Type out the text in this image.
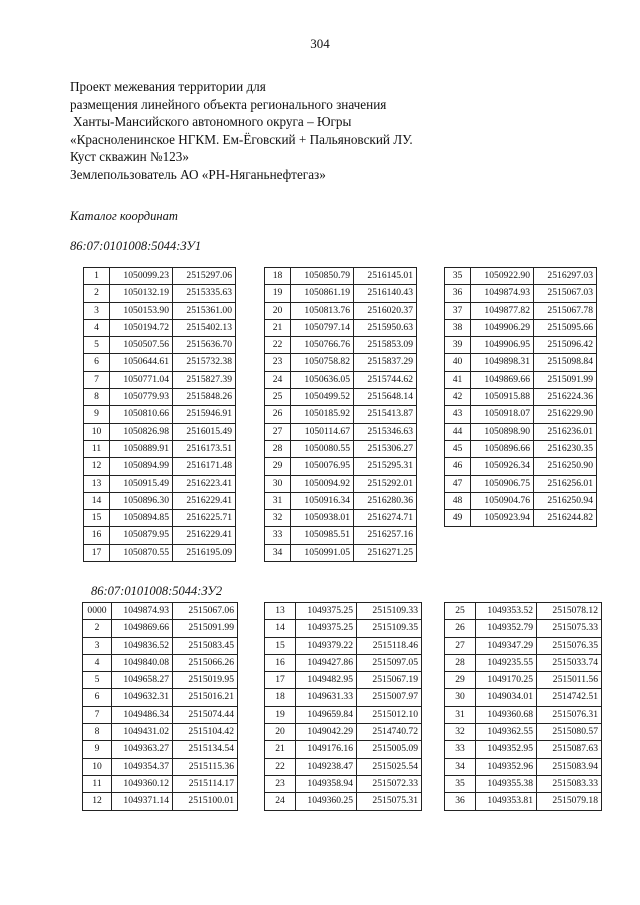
304
Проект межевания территории для
размещения линейного объекта регионального значения
Ханты-Мансийского автономного округа – Югры
«Красноленинское НГКМ. Ем-Ёговский + Пальяновский ЛУ.
Куст скважин №123»
Землепользователь АО «РН-Няганьнефтегаз»
Каталог координат
86:07:0101008:5044:ЗУ1
1	1050099.23	2515297.06
2	1050132.19	2515335.63
3	1050153.90	2515361.00
4	1050194.72	2515402.13
5	1050507.56	2515636.70
6	1050644.61	2515732.38
7	1050771.04	2515827.39
8	1050779.93	2515848.26
9	1050810.66	2515946.91
10	1050826.98	2516015.49
11	1050889.91	2516173.51
12	1050894.99	2516171.48
13	1050915.49	2516223.41
14	1050896.30	2516229.41
15	1050894.85	2516225.71
16	1050879.95	2516229.41
17	1050870.55	2516195.09
18	1050850.79	2516145.01
19	1050861.19	2516140.43
20	1050813.76	2516020.37
21	1050797.14	2515950.63
22	1050766.76	2515853.09
23	1050758.82	2515837.29
24	1050636.05	2515744.62
25	1050499.52	2515648.14
26	1050185.92	2515413.87
27	1050114.67	2515346.63
28	1050080.55	2515306.27
29	1050076.95	2515295.31
30	1050094.92	2515292.01
31	1050916.34	2516280.36
32	1050938.01	2516274.71
33	1050985.51	2516257.16
34	1050991.05	2516271.25
35	1050922.90	2516297.03
36	1049874.93	2515067.03
37	1049877.82	2515067.78
38	1049906.29	2515095.66
39	1049906.95	2515096.42
40	1049898.31	2515098.84
41	1049869.66	2515091.99
42	1050915.88	2516224.36
43	1050918.07	2516229.90
44	1050898.90	2516236.01
45	1050896.66	2516230.35
46	1050926.34	2516250.90
47	1050906.75	2516256.01
48	1050904.76	2516250.94
49	1050923.94	2516244.82
86:07:0101008:5044:ЗУ2
0000	1049874.93	2515067.06
2	1049869.66	2515091.99
3	1049836.52	2515083.45
4	1049840.08	2515066.26
5	1049658.27	2515019.95
6	1049632.31	2515016.21
7	1049486.34	2515074.44
8	1049431.02	2515104.42
9	1049363.27	2515134.54
10	1049354.37	2515115.36
11	1049360.12	2515114.17
12	1049371.14	2515100.01
13	1049375.25	2515109.33
14	1049375.25	2515109.35
15	1049379.22	2515118.46
16	1049427.86	2515097.05
17	1049482.95	2515067.19
18	1049631.33	2515007.97
19	1049659.84	2515012.10
20	1049042.29	2514740.72
21	1049176.16	2515005.09
22	1049238.47	2515025.54
23	1049358.94	2515072.33
24	1049360.25	2515075.31
25	1049353.52	2515078.12
26	1049352.79	2515075.33
27	1049347.29	2515076.35
28	1049235.55	2515033.74
29	1049170.25	2515011.56
30	1049034.01	2514742.51
31	1049360.68	2515076.31
32	1049362.55	2515080.57
33	1049352.95	2515087.63
34	1049352.96	2515083.94
35	1049355.38	2515083.33
36	1049353.81	2515079.18
